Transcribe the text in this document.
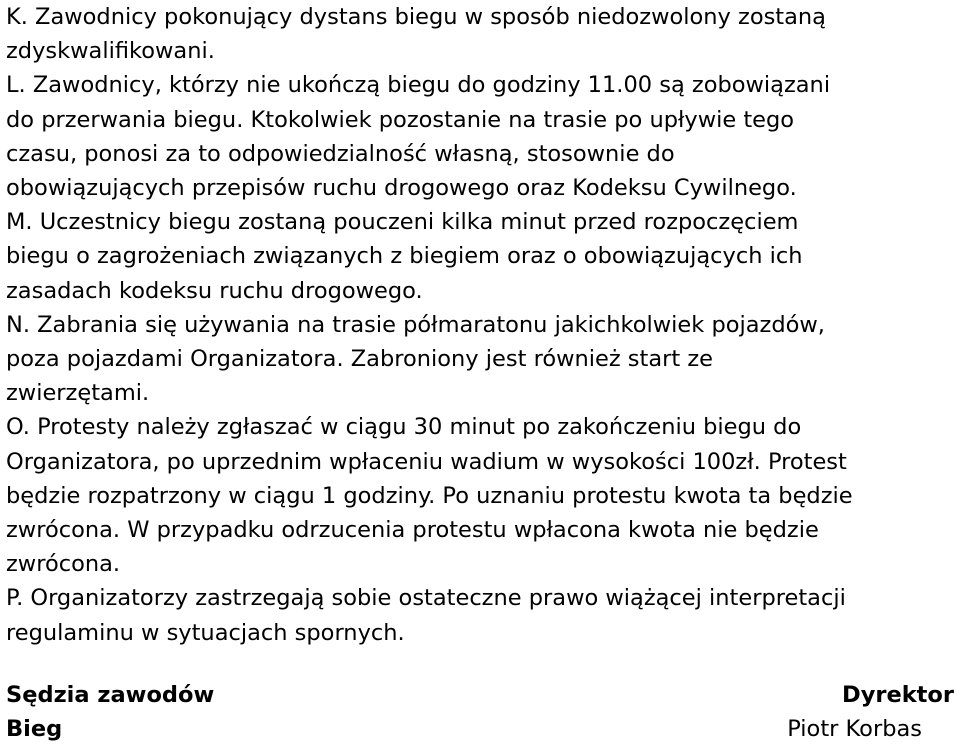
K. Zawodnicy pokonujący dystans biegu w sposób niedozwolony zostaną
zdyskwalifikowani.

L. Zawodnicy, którzy nie ukończą biegu do godziny 11.00 są zobowiązani
do przerwania biegu. Ktokolwiek pozostanie na trasie po upływie tego
czasu, ponosi za to odpowiedzialność własną, stosownie do
obowiązujących przepisów ruchu drogowego oraz Kodeksu Cywilnego.

M. Uczestnicy biegu zostaną pouczeni kilka minut przed rozpoczęciem
biegu o zagrożeniach związanych z biegiem oraz o obowiązujących ich
zasadach kodeksu ruchu drogowego.

N. Zabrania się używania na trasie półmaratonu jakichkolwiek pojazdów,
poza pojazdami Organizatora. Zabroniony jest również start ze
zwierzętami.

O. Protesty należy zgłaszać w ciągu 30 minut po zakończeniu biegu do
Organizatora, po uprzednim wpłaceniu wadium w wysokości 100zł. Protest
będzie rozpatrzony w ciągu 1 godziny. Po uznaniu protestu kwota ta będzie
zwrócona. W przypadku odrzucenia protestu wpłacona kwota nie będzie
zwrócona.

P. Organizatorzy zastrzegają sobie ostateczne prawo wiążącej interpretacji
regulaminu w sytuacjach spornych.

Sędzia zawodów
Bieg
Dyrektor
Piotr Korbas
